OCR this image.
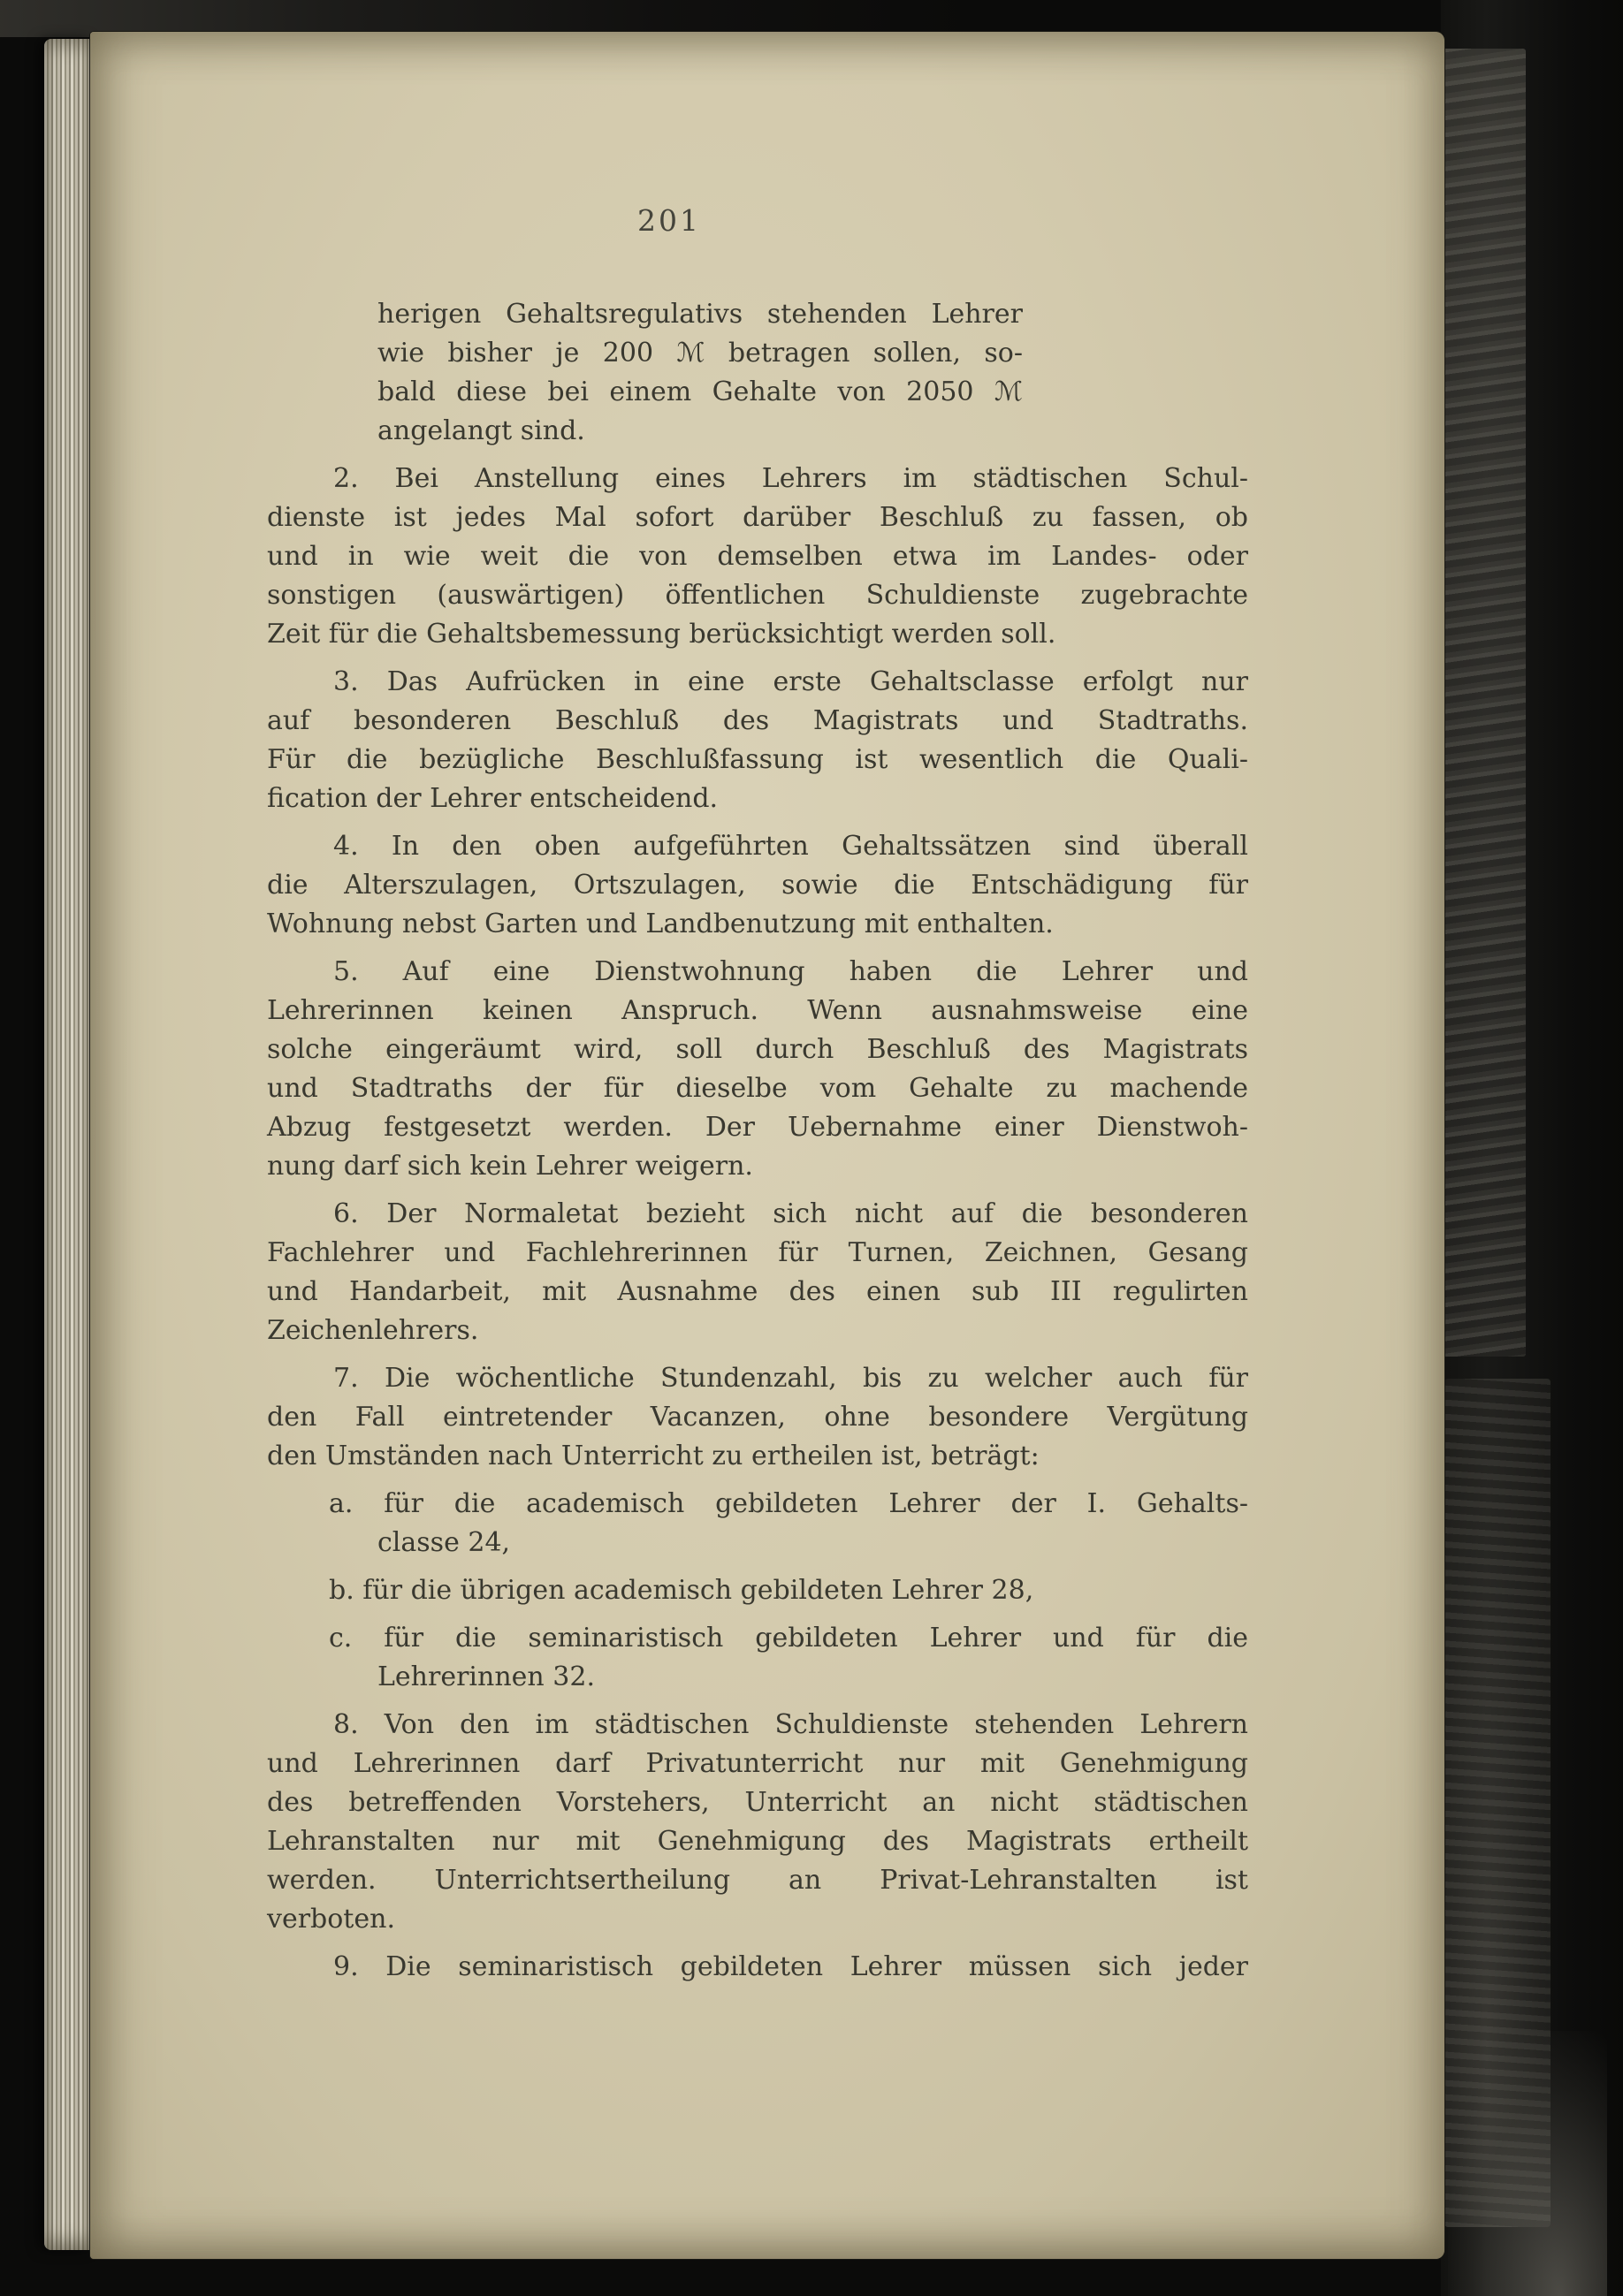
201
herigen Gehaltsregulativs stehenden Lehrer
wie bisher je 200 ℳ betragen sollen, so-
bald diese bei einem Gehalte von 2050 ℳ
angelangt sind.
2. Bei Anstellung eines Lehrers im städtischen Schul-
dienste ist jedes Mal sofort darüber Beschluß zu fassen, ob
und in wie weit die von demselben etwa im Landes- oder
sonstigen (auswärtigen) öffentlichen Schuldienste zugebrachte
Zeit für die Gehaltsbemessung berücksichtigt werden soll.
3. Das Aufrücken in eine erste Gehaltsclasse erfolgt nur
auf besonderen Beschluß des Magistrats und Stadtraths.
Für die bezügliche Beschlußfassung ist wesentlich die Quali-
fication der Lehrer entscheidend.
4. In den oben aufgeführten Gehaltssätzen sind überall
die Alterszulagen, Ortszulagen, sowie die Entschädigung für
Wohnung nebst Garten und Landbenutzung mit enthalten.
5. Auf eine Dienstwohnung haben die Lehrer und
Lehrerinnen keinen Anspruch. Wenn ausnahmsweise eine
solche eingeräumt wird, soll durch Beschluß des Magistrats
und Stadtraths der für dieselbe vom Gehalte zu machende
Abzug festgesetzt werden. Der Uebernahme einer Dienstwoh-
nung darf sich kein Lehrer weigern.
6. Der Normaletat bezieht sich nicht auf die besonderen
Fachlehrer und Fachlehrerinnen für Turnen, Zeichnen, Gesang
und Handarbeit, mit Ausnahme des einen sub III regulirten
Zeichenlehrers.
7. Die wöchentliche Stundenzahl, bis zu welcher auch für
den Fall eintretender Vacanzen, ohne besondere Vergütung
den Umständen nach Unterricht zu ertheilen ist, beträgt:
a. für die academisch gebildeten Lehrer der I. Gehalts-
classe 24,
b. für die übrigen academisch gebildeten Lehrer 28,
c. für die seminaristisch gebildeten Lehrer und für die
Lehrerinnen 32.
8. Von den im städtischen Schuldienste stehenden Lehrern
und Lehrerinnen darf Privatunterricht nur mit Genehmigung
des betreffenden Vorstehers, Unterricht an nicht städtischen
Lehranstalten nur mit Genehmigung des Magistrats ertheilt
werden. Unterrichtsertheilung an Privat-Lehranstalten ist
verboten.
9. Die seminaristisch gebildeten Lehrer müssen sich jeder
